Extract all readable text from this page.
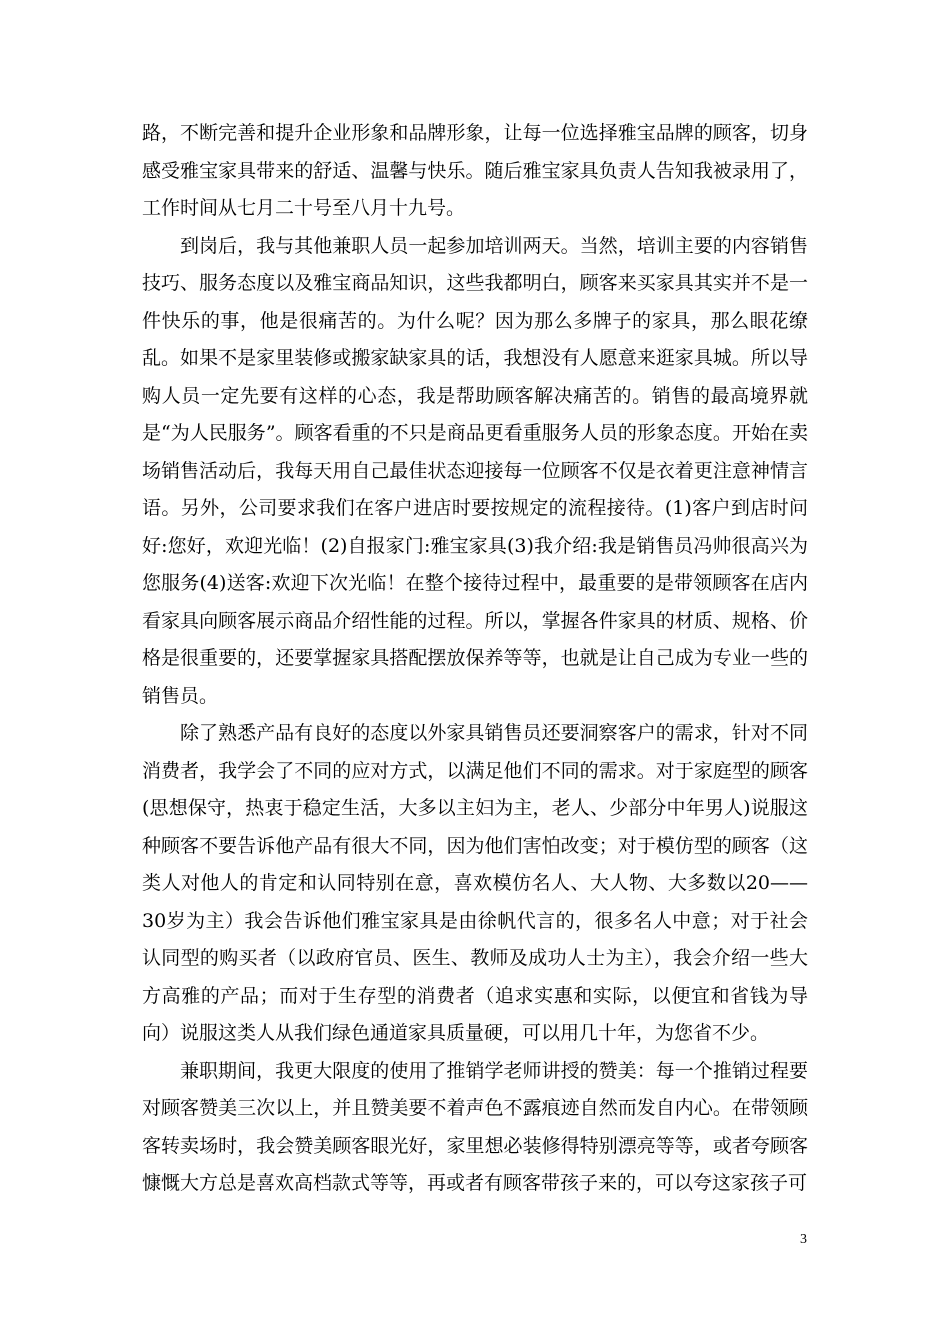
路，不断完善和提升企业形象和品牌形象，让每一位选择雅宝品牌的顾客，切身感受雅宝家具带来的舒适、温馨与快乐。随后雅宝家具负责人告知我被录用了，工作时间从七月二十号至八月十九号。

到岗后，我与其他兼职人员一起参加培训两天。当然，培训主要的内容销售技巧、服务态度以及雅宝商品知识，这些我都明白，顾客来买家具其实并不是一件快乐的事，他是很痛苦的。为什么呢？因为那么多牌子的家具，那么眼花缭乱。如果不是家里装修或搬家缺家具的话，我想没有人愿意来逛家具城。所以导购人员一定先要有这样的心态，我是帮助顾客解决痛苦的。销售的最高境界就是“为人民服务”。顾客看重的不只是商品更看重服务人员的形象态度。开始在卖场销售活动后，我每天用自己最佳状态迎接每一位顾客不仅是衣着更注意神情言语。另外，公司要求我们在客户进店时要按规定的流程接待。(1)客户到店时问好:您好，欢迎光临！(2)自报家门:雅宝家具(3)我介绍:我是销售员冯帅很高兴为您服务(4)送客:欢迎下次光临！在整个接待过程中，最重要的是带领顾客在店内看家具向顾客展示商品介绍性能的过程。所以，掌握各件家具的材质、规格、价格是很重要的，还要掌握家具搭配摆放保养等等，也就是让自己成为专业一些的销售员。

除了熟悉产品有良好的态度以外家具销售员还要洞察客户的需求，针对不同消费者，我学会了不同的应对方式，以满足他们不同的需求。对于家庭型的顾客(思想保守，热衷于稳定生活，大多以主妇为主，老人、少部分中年男人)说服这种顾客不要告诉他产品有很大不同，因为他们害怕改变；对于模仿型的顾客（这类人对他人的肯定和认同特别在意，喜欢模仿名人、大人物、大多数以20——30岁为主）我会告诉他们雅宝家具是由徐帆代言的，很多名人中意；对于社会认同型的购买者（以政府官员、医生、教师及成功人士为主），我会介绍一些大方高雅的产品；而对于生存型的消费者（追求实惠和实际，以便宜和省钱为导向）说服这类人从我们绿色通道家具质量硬，可以用几十年，为您省不少。

兼职期间，我更大限度的使用了推销学老师讲授的赞美：每一个推销过程要对顾客赞美三次以上，并且赞美要不着声色不露痕迹自然而发自内心。在带领顾客转卖场时，我会赞美顾客眼光好，家里想必装修得特别漂亮等等，或者夸顾客慷慨大方总是喜欢高档款式等等，再或者有顾客带孩子来的，可以夸这家孩子可

3
